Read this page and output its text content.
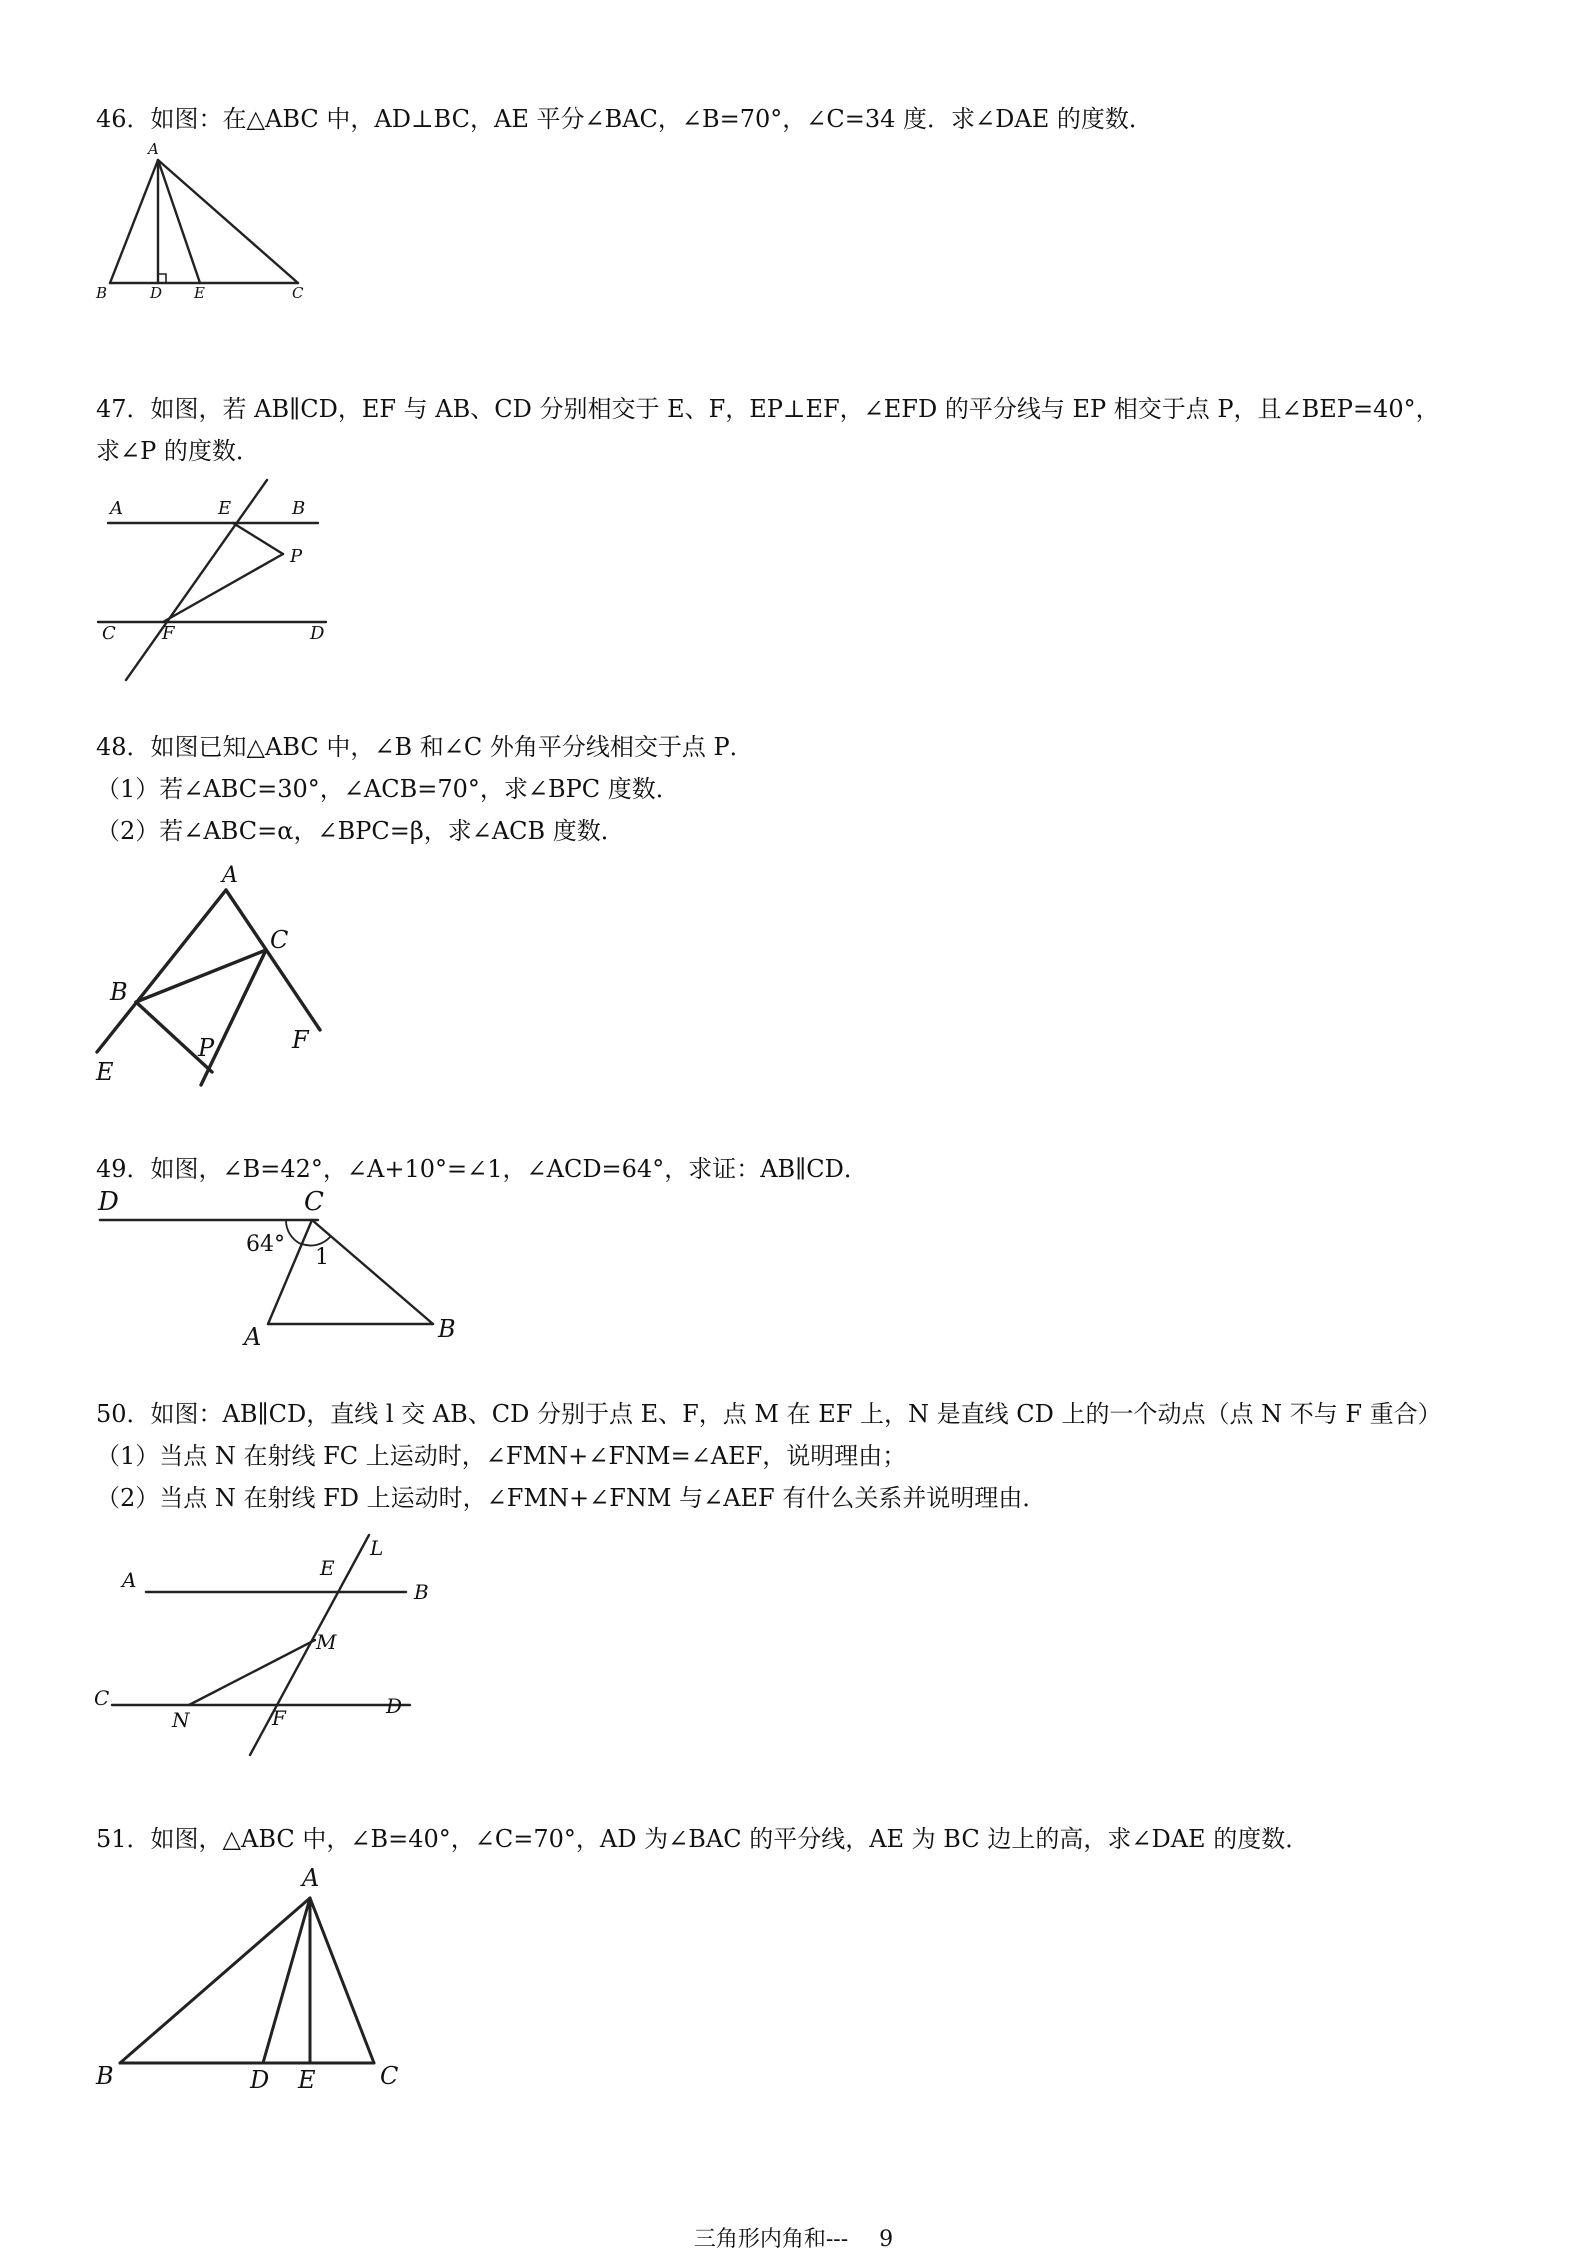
46．如图：在△ABC 中，AD⊥BC，AE 平分∠BAC，∠B=70°，∠C=34 度．求∠DAE 的度数．
A
B	D E	C
47．如图，若 AB∥CD，EF 与 AB、CD 分别相交于 E、F，EP⊥EF，∠EFD 的平分线与 EP 相交于点 P，且∠BEP=40°，
求∠P 的度数．
A	E	B
P
C	F	D
48．如图已知△ABC 中，∠B 和∠C 外角平分线相交于点 P．
（1）若∠ABC=30°，∠ACB=70°，求∠BPC 度数．
（2）若∠ABC=α，∠BPC=β，求∠ACB 度数．
A
C
B
P	F
E
49．如图，∠B=42°，∠A+10°=∠1，∠ACD=64°，求证：AB∥CD．
D	C
64°
1
A	B
50．如图：AB∥CD，直线 l 交 AB、CD 分别于点 E、F，点 M 在 EF 上，N 是直线 CD 上的一个动点（点 N 不与 F 重合）
（1）当点 N 在射线 FC 上运动时，∠FMN+∠FNM=∠AEF，说明理由；
（2）当点 N 在射线 FD 上运动时，∠FMN+∠FNM 与∠AEF 有什么关系并说明理由．
A	E
L
B
M
C
N	F	D
51．如图，△ABC 中，∠B=40°，∠C=70°，AD 为∠BAC 的平分线，AE 为 BC 边上的高，求∠DAE 的度数．
A
B	D E	C
三角形内角和--- 9
